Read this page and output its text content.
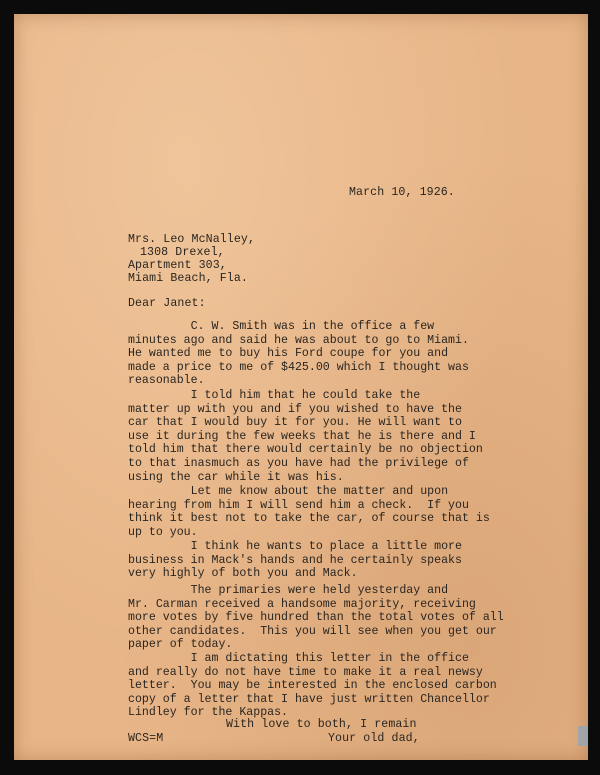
March 10, 1926.
Mrs. Leo McNalley,
1308 Drexel,
Apartment 303,
Miami Beach, Fla.
Dear Janet:
C. W. Smith was in the office a few
minutes ago and said he was about to go to Miami.
He wanted me to buy his Ford coupe for you and
made a price to me of $425.00 which I thought was
reasonable.
I told him that he could take the
matter up with you and if you wished to have the
car that I would buy it for you. He will want to
use it during the few weeks that he is there and I
told him that there would certainly be no objection
to that inasmuch as you have had the privilege of
using the car while it was his.
Let me know about the matter and upon
hearing from him I will send him a check.  If you
think it best not to take the car, of course that is
up to you.
I think he wants to place a little more
business in Mack's hands and he certainly speaks
very highly of both you and Mack.
The primaries were held yesterday and
Mr. Carman received a handsome majority, receiving
more votes by five hundred than the total votes of all
other candidates.  This you will see when you get our
paper of today.
I am dictating this letter in the office
and really do not have time to make it a real newsy
letter.  You may be interested in the enclosed carbon
copy of a letter that I have just written Chancellor
Lindley for the Kappas.
With love to both, I remain
Your old dad,
WCS=M
